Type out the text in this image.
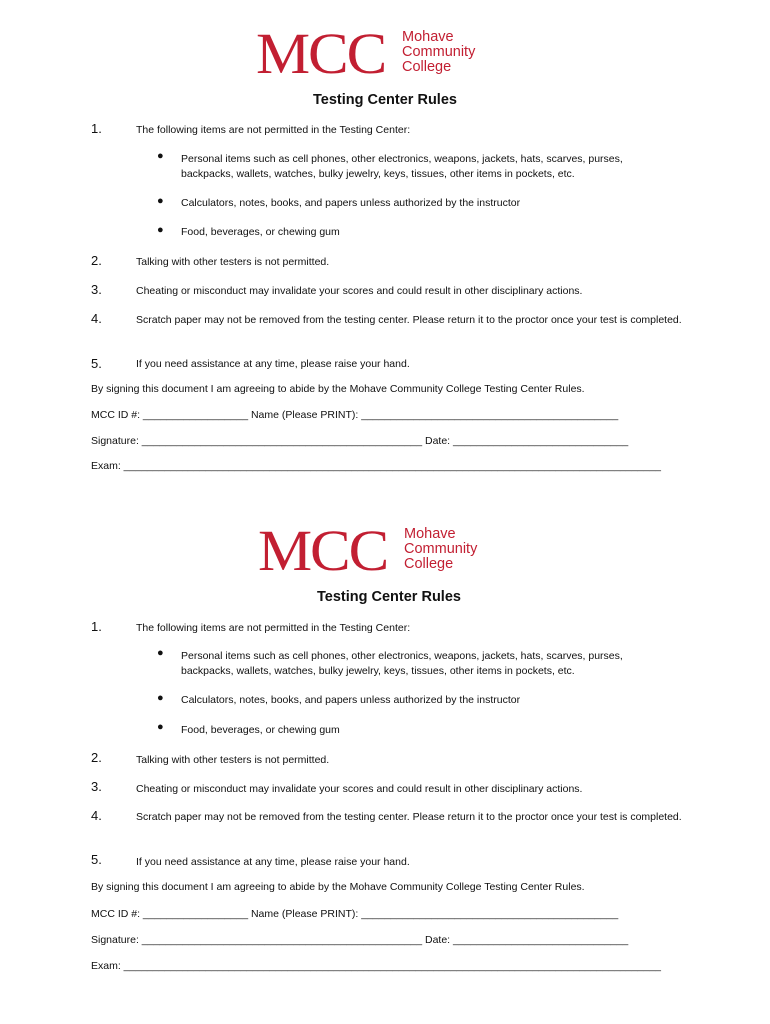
MCC Mohave
Community
College
Testing Center Rules
1.	The following items are not permitted in the Testing Center:
● Personal items such as cell phones, other electronics, weapons, jackets, hats, scarves, purses, backpacks, wallets, watches, bulky jewelry, keys, tissues, other items in pockets, etc.
● Calculators, notes, books, and papers unless authorized by the instructor
● Food, beverages, or chewing gum
2.	Talking with other testers is not permitted.
3.	Cheating or misconduct may invalidate your scores and could result in other disciplinary actions.
4.	Scratch paper may not be removed from the testing center. Please return it to the proctor once your test is completed.
5.	If you need assistance at any time, please raise your hand.
By signing this document I am agreeing to abide by the Mohave Community College Testing Center Rules.
MCC ID #: __________________ Name (Please PRINT): ____________________________________________
Signature: ________________________________________________ Date: ______________________________
Exam: ____________________________________________________________________________________________
MCC Mohave
Community
College
Testing Center Rules
1.	The following items are not permitted in the Testing Center:
● Personal items such as cell phones, other electronics, weapons, jackets, hats, scarves, purses, backpacks, wallets, watches, bulky jewelry, keys, tissues, other items in pockets, etc.
● Calculators, notes, books, and papers unless authorized by the instructor
● Food, beverages, or chewing gum
2.	Talking with other testers is not permitted.
3.	Cheating or misconduct may invalidate your scores and could result in other disciplinary actions.
4.	Scratch paper may not be removed from the testing center. Please return it to the proctor once your test is completed.
5.	If you need assistance at any time, please raise your hand.
By signing this document I am agreeing to abide by the Mohave Community College Testing Center Rules.
MCC ID #: __________________ Name (Please PRINT): ____________________________________________
Signature: ________________________________________________ Date: ______________________________
Exam: ____________________________________________________________________________________________
